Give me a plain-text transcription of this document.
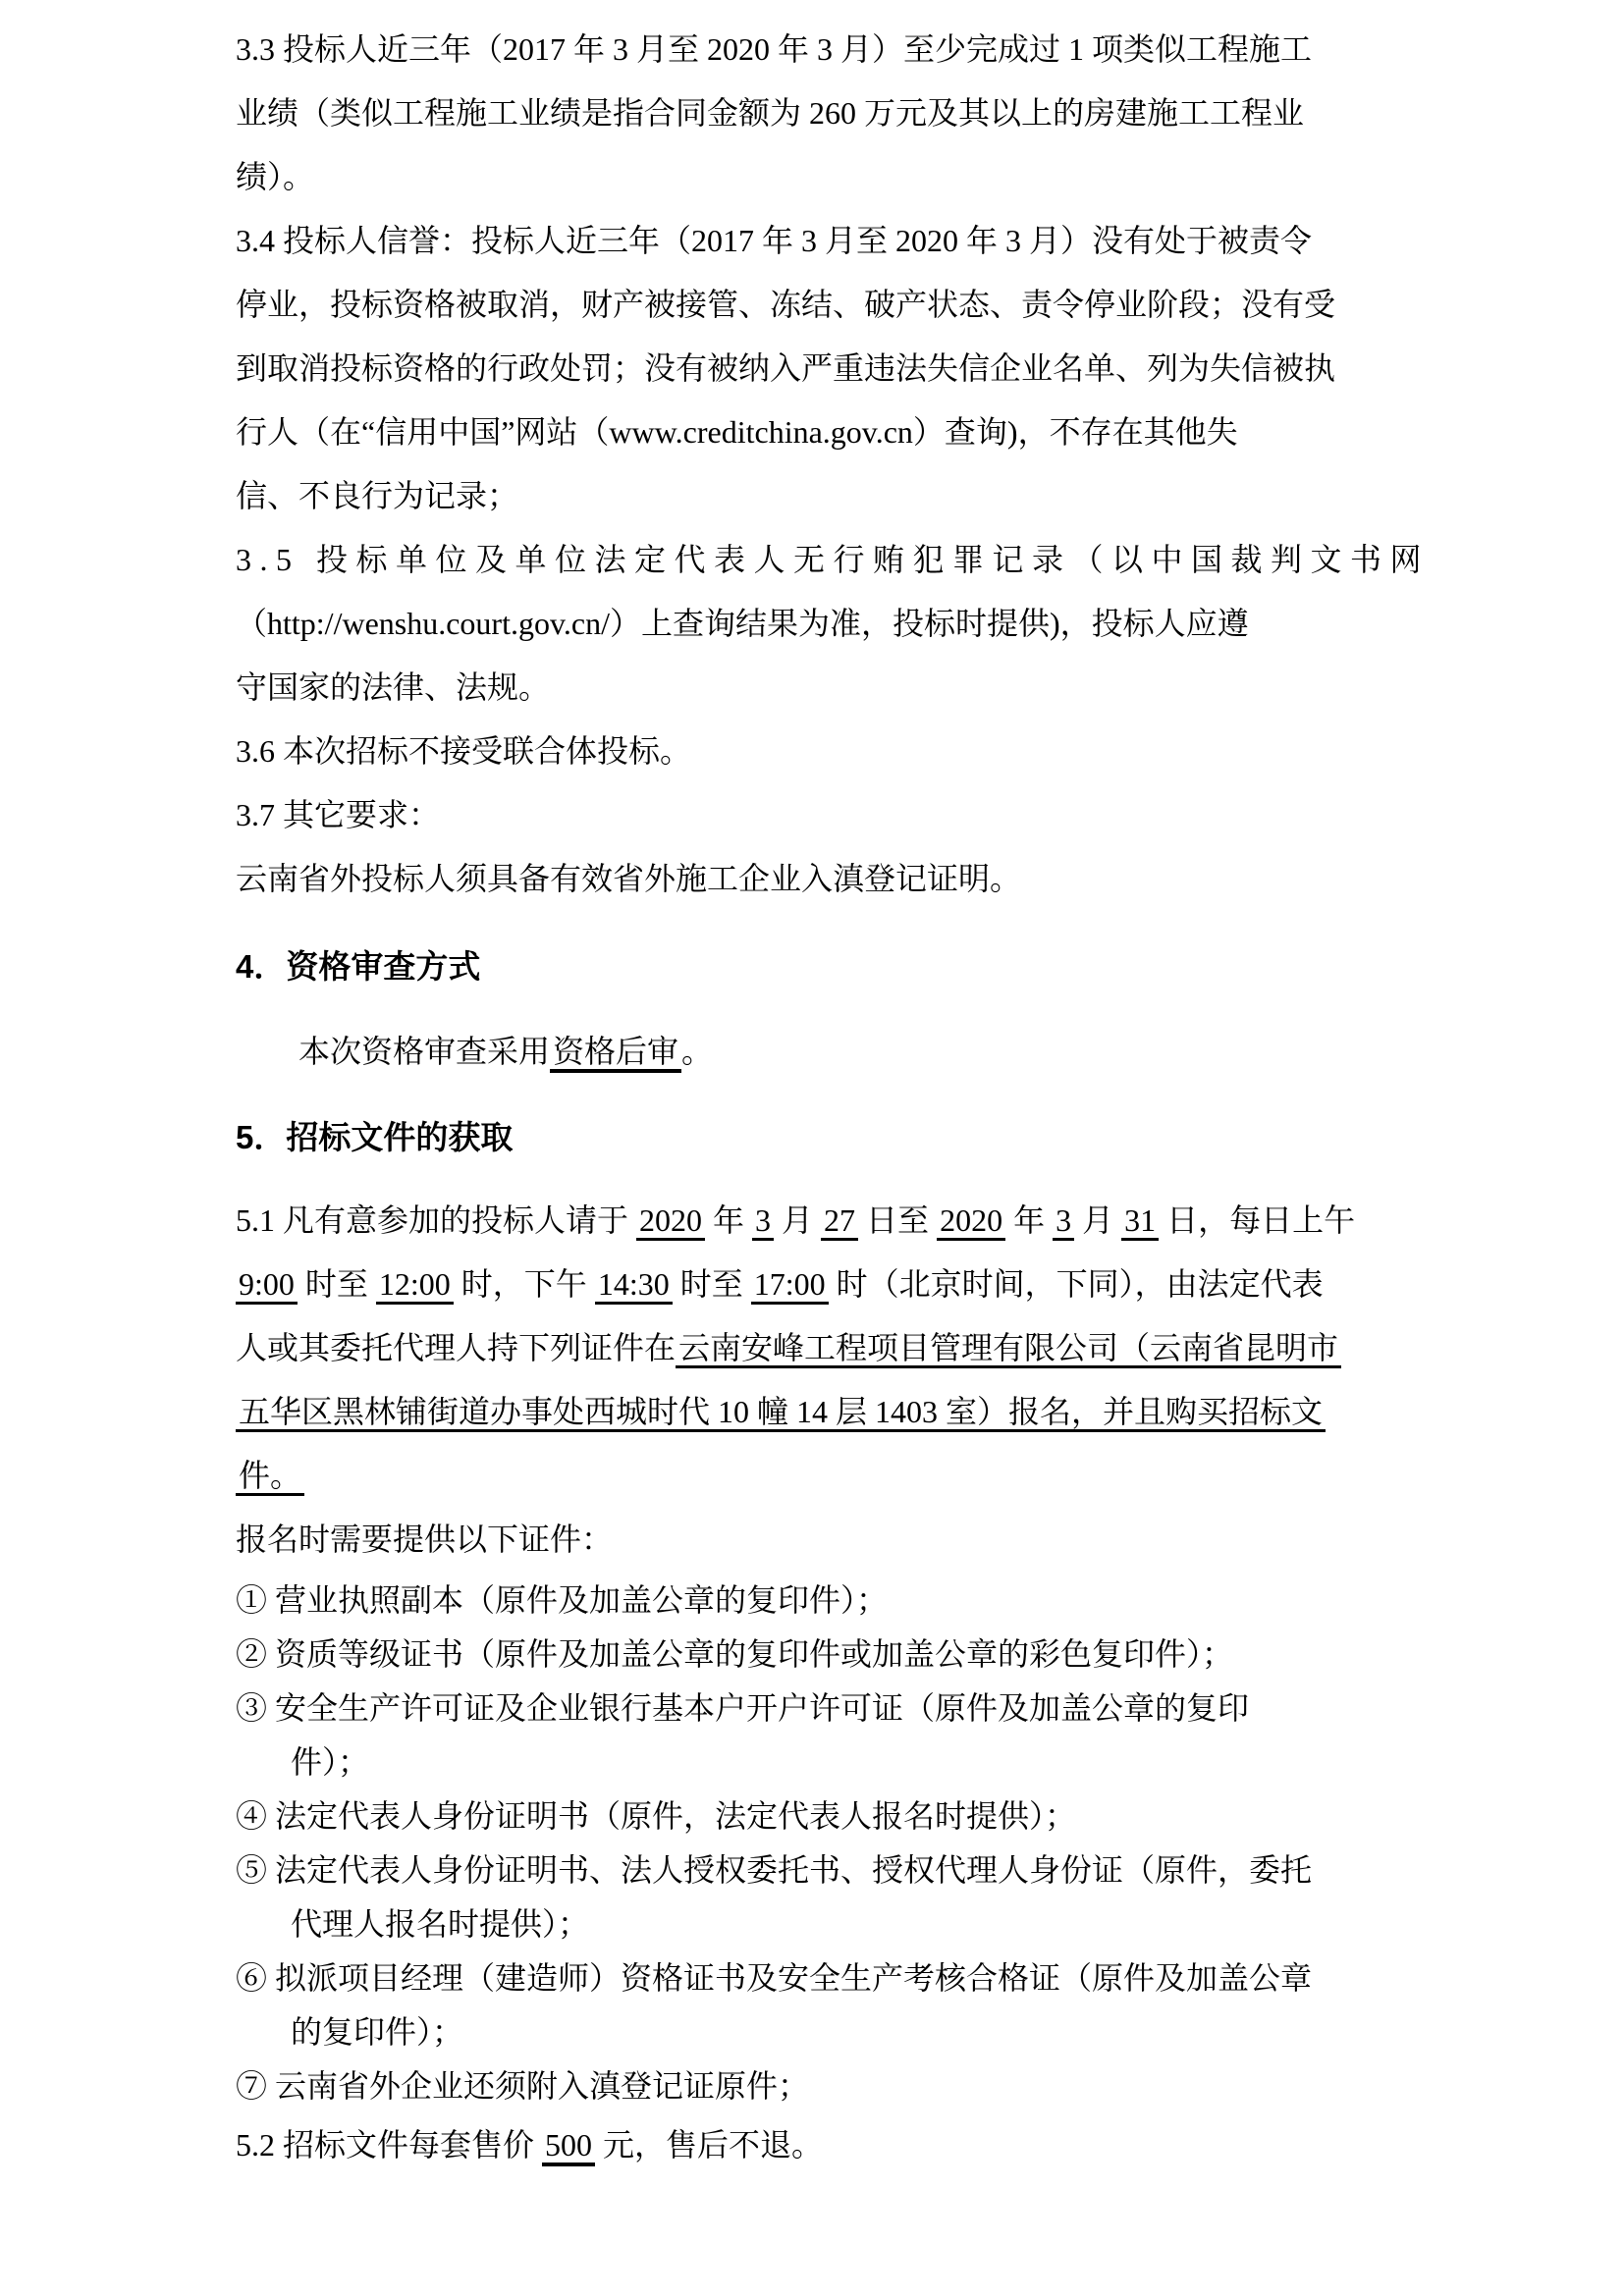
3.3 投标人近三年（2017 年 3 月至 2020 年 3 月）至少完成过 1 项类似工程施工
业绩（类似工程施工业绩是指合同金额为 260 万元及其以上的房建施工工程业
绩）。
3.4 投标人信誉：投标人近三年（2017 年 3 月至 2020 年 3 月）没有处于被责令
停业，投标资格被取消，财产被接管、冻结、破产状态、责令停业阶段；没有受
到取消投标资格的行政处罚；没有被纳入严重违法失信企业名单、列为失信被执
行人（在“信用中国”网站（www.creditchina.gov.cn）查询)，不存在其他失
信、不良行为记录；
3.5 投标单位及单位法定代表人无行贿犯罪记录（以中国裁判文书网
（http://wenshu.court.gov.cn/）上查询结果为准，投标时提供)，投标人应遵
守国家的法律、法规。
3.6 本次招标不接受联合体投标。
3.7 其它要求：
云南省外投标人须具备有效省外施工企业入滇登记证明。
4．资格审查方式
本次资格审查采用资格后审。
5．招标文件的获取
5.1 凡有意参加的投标人请于 2020 年 3 月 27 日至 2020 年 3 月 31 日，每日上午
9:00 时至 12:00 时，下午 14:30 时至 17:00 时（北京时间，下同），由法定代表
人或其委托代理人持下列证件在云南安峰工程项目管理有限公司（云南省昆明市
五华区黑林铺街道办事处西城时代 10 幢 14 层 1403 室）报名，并且购买招标文
件。
报名时需要提供以下证件：
① 营业执照副本（原件及加盖公章的复印件）；
② 资质等级证书（原件及加盖公章的复印件或加盖公章的彩色复印件）；
③ 安全生产许可证及企业银行基本户开户许可证（原件及加盖公章的复印
件）；
④ 法定代表人身份证明书（原件，法定代表人报名时提供）；
⑤ 法定代表人身份证明书、法人授权委托书、授权代理人身份证（原件，委托
代理人报名时提供）；
⑥ 拟派项目经理（建造师）资格证书及安全生产考核合格证（原件及加盖公章
的复印件）；
⑦ 云南省外企业还须附入滇登记证原件；
5.2 招标文件每套售价 500 元，售后不退。
